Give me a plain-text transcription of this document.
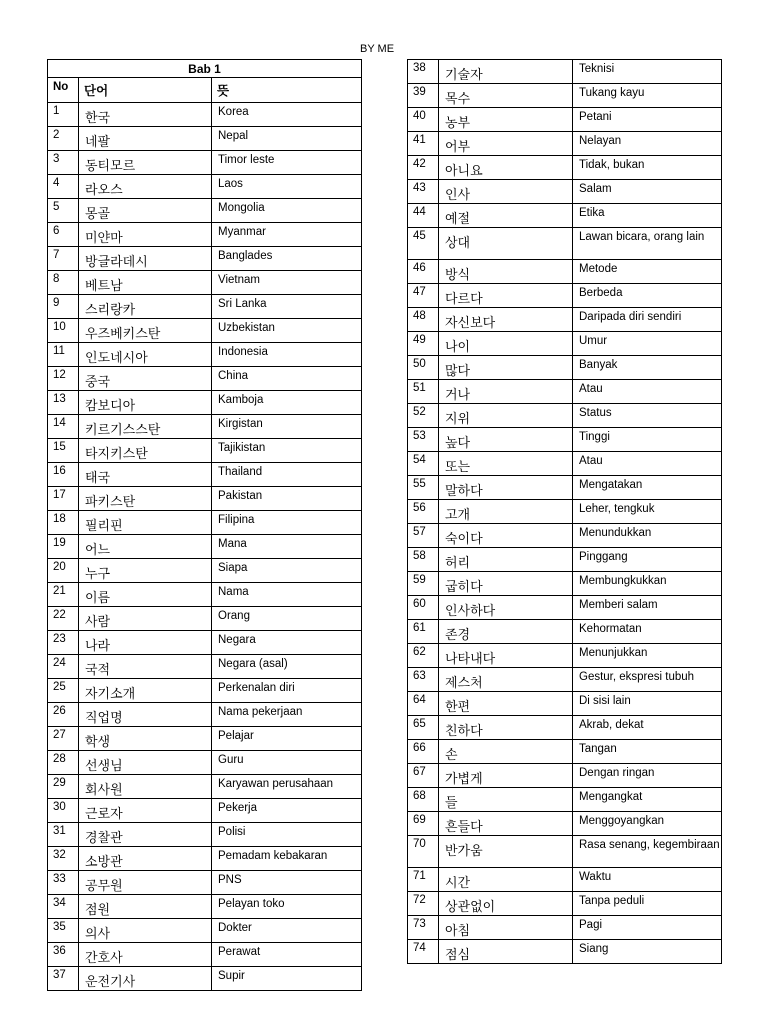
BY ME
Bab 1		
No	단어	뜻
1	한국	Korea
2	네팔	Nepal
3	동티모르	Timor leste
4	라오스	Laos
5	몽골	Mongolia
6	미얀마	Myanmar
7	방글라데시	Banglades
8	베트남	Vietnam
9	스리랑카	Sri Lanka
10	우즈베키스탄	Uzbekistan
11	인도네시아	Indonesia
12	중국	China
13	캄보디아	Kamboja
14	키르기스스탄	Kirgistan
15	타지키스탄	Tajikistan
16	태국	Thailand
17	파키스탄	Pakistan
18	필리핀	Filipina
19	어느	Mana
20	누구	Siapa
21	이름	Nama
22	사람	Orang
23	나라	Negara
24	국적	Negara (asal)
25	자기소개	Perkenalan diri
26	직업명	Nama pekerjaan
27	학생	Pelajar
28	선생님	Guru
29	회사원	Karyawan perusahaan
30	근로자	Pekerja
31	경찰관	Polisi
32	소방관	Pemadam kebakaran
33	공무원	PNS
34	점원	Pelayan toko
35	의사	Dokter
36	간호사	Perawat
37	운전기사	Supir
38	기술자	Teknisi
39	목수	Tukang kayu
40	농부	Petani
41	어부	Nelayan
42	아니요	Tidak, bukan
43	인사	Salam
44	예절	Etika
45	상대	Lawan bicara, orang lain
46	방식	Metode
47	다르다	Berbeda
48	자신보다	Daripada diri sendiri
49	나이	Umur
50	많다	Banyak
51	거나	Atau
52	지위	Status
53	높다	Tinggi
54	또는	Atau
55	말하다	Mengatakan
56	고개	Leher, tengkuk
57	숙이다	Menundukkan
58	허리	Pinggang
59	굽히다	Membungkukkan
60	인사하다	Memberi salam
61	존경	Kehormatan
62	나타내다	Menunjukkan
63	제스처	Gestur, ekspresi tubuh
64	한편	Di sisi lain
65	친하다	Akrab, dekat
66	손	Tangan
67	가볍게	Dengan ringan
68	들	Mengangkat
69	흔들다	Menggoyangkan
70	반가움	Rasa senang, kegembiraan
71	시간	Waktu
72	상관없이	Tanpa peduli
73	아침	Pagi
74	점심	Siang
